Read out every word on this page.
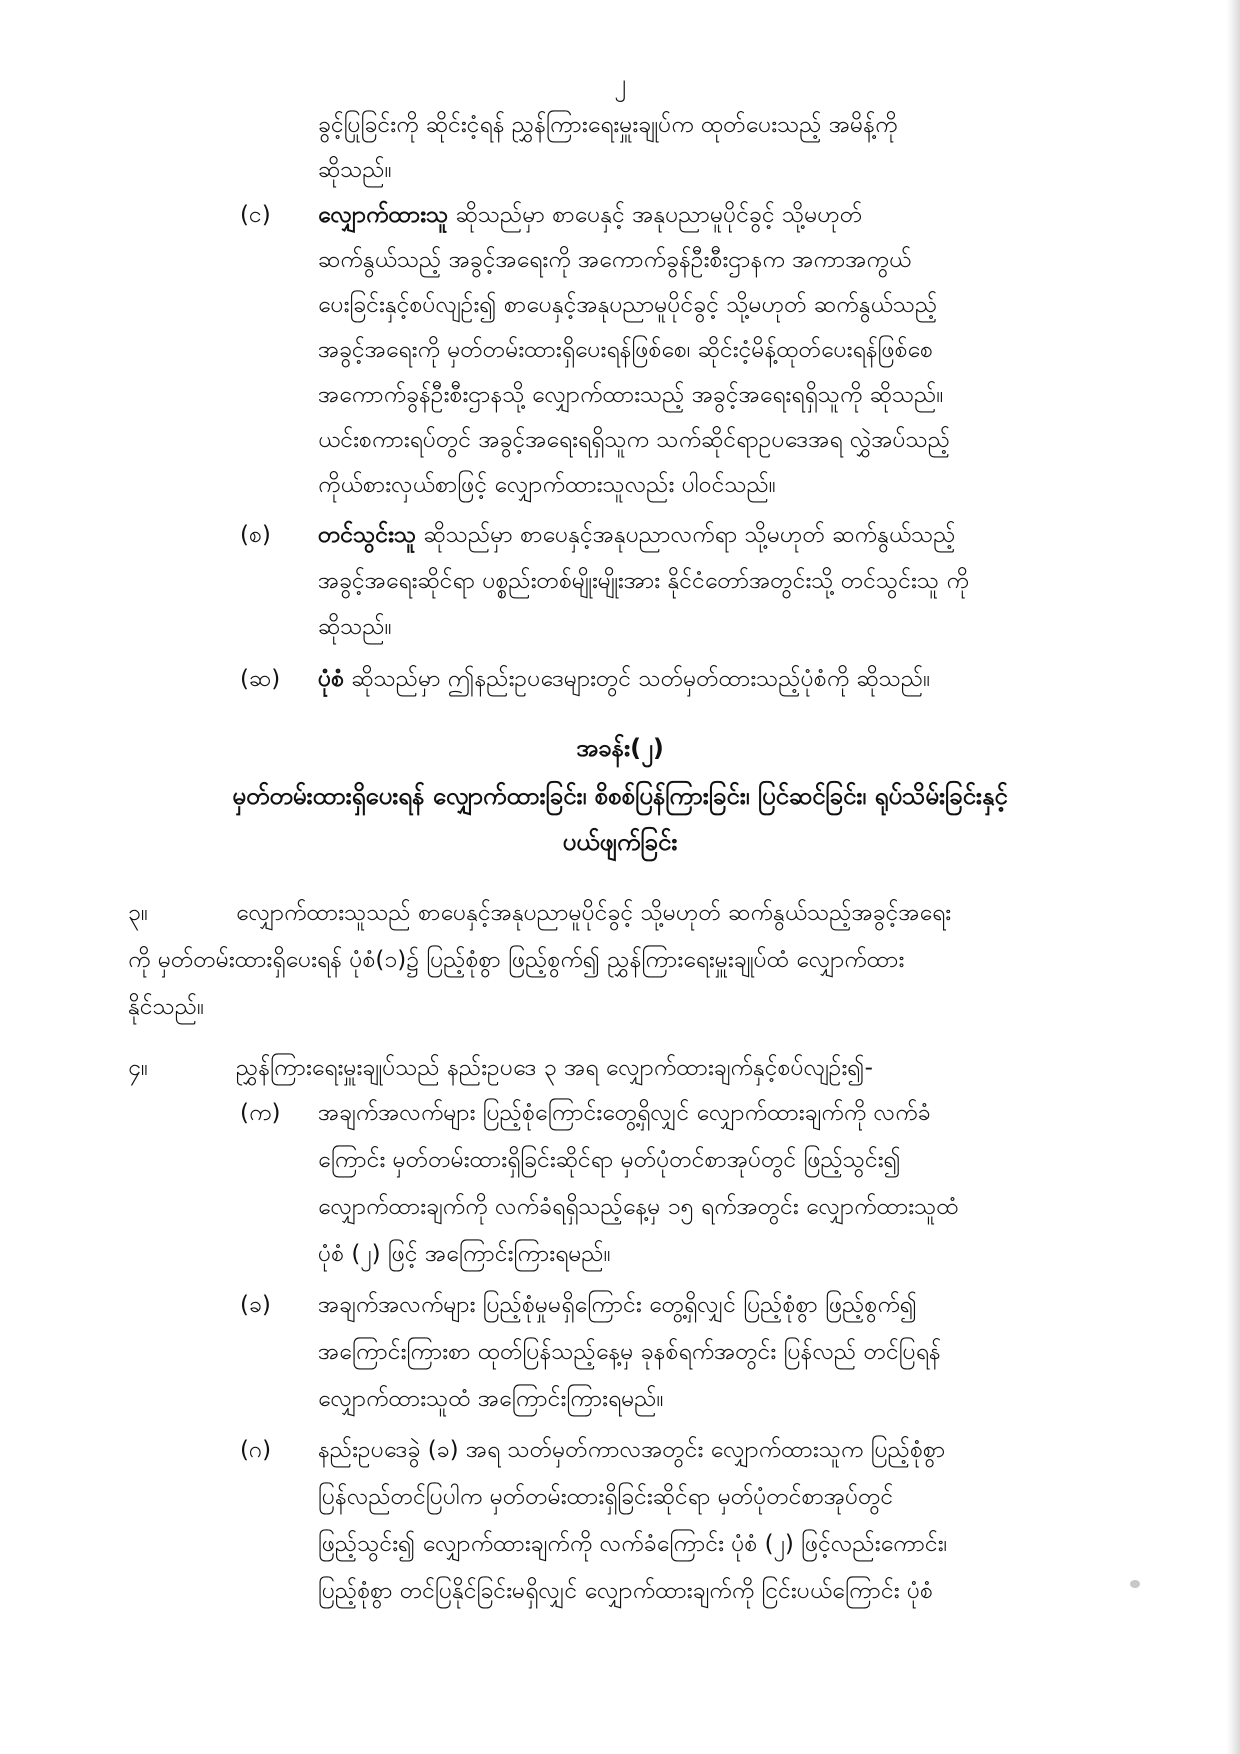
၂
ခွင့်ပြုခြင်းကို ဆိုင်းငံ့ရန် ညွှန်ကြားရေးမှူးချုပ်က ထုတ်ပေးသည့် အမိန့်ကို
ဆိုသည်။
(င) လျှောက်ထားသူ ဆိုသည်မှာ စာပေနှင့် အနုပညာမူပိုင်ခွင့် သို့မဟုတ်
ဆက်နွယ်သည့် အခွင့်အရေးကို အကောက်ခွန်ဦးစီးဌာနက အကာအကွယ်
ပေးခြင်းနှင့်စပ်လျဉ်း၍ စာပေနှင့်အနုပညာမူပိုင်ခွင့် သို့မဟုတ် ဆက်နွယ်သည့်
အခွင့်အရေးကို မှတ်တမ်းထားရှိပေးရန်ဖြစ်စေ၊ ဆိုင်းငံ့မိန့်ထုတ်ပေးရန်ဖြစ်စေ
အကောက်ခွန်ဦးစီးဌာနသို့ လျှောက်ထားသည့် အခွင့်အရေးရရှိသူကို ဆိုသည်။
ယင်းစကားရပ်တွင် အခွင့်အရေးရရှိသူက သက်ဆိုင်ရာဥပဒေအရ လွှဲအပ်သည့်
ကိုယ်စားလှယ်စာဖြင့် လျှောက်ထားသူလည်း ပါဝင်သည်။
(စ) တင်သွင်းသူ ဆိုသည်မှာ စာပေနှင့်အနုပညာလက်ရာ သို့မဟုတ် ဆက်နွယ်သည့်
အခွင့်အရေးဆိုင်ရာ ပစ္စည်းတစ်မျိုးမျိုးအား နိုင်ငံတော်အတွင်းသို့ တင်သွင်းသူ ကို
ဆိုသည်။
(ဆ) ပုံစံ ဆိုသည်မှာ ဤနည်းဥပဒေများတွင် သတ်မှတ်ထားသည့်ပုံစံကို ဆိုသည်။
အခန်း(၂)
မှတ်တမ်းထားရှိပေးရန် လျှောက်ထားခြင်း၊ စိစစ်ပြန်ကြားခြင်း၊ ပြင်ဆင်ခြင်း၊ ရုပ်သိမ်းခြင်းနှင့်
ပယ်ဖျက်ခြင်း
၃။	လျှောက်ထားသူသည် စာပေနှင့်အနုပညာမူပိုင်ခွင့် သို့မဟုတ် ဆက်နွယ်သည့်အခွင့်အရေး
ကို မှတ်တမ်းထားရှိပေးရန် ပုံစံ(၁)၌ ပြည့်စုံစွာ ဖြည့်စွက်၍ ညွှန်ကြားရေးမှူးချုပ်ထံ လျှောက်ထား
နိုင်သည်။
၄။	ညွှန်ကြားရေးမှူးချုပ်သည် နည်းဥပဒေ ၃ အရ လျှောက်ထားချက်နှင့်စပ်လျဉ်း၍-
(က) အချက်အလက်များ ပြည့်စုံကြောင်းတွေ့ရှိလျှင် လျှောက်ထားချက်ကို လက်ခံ
ကြောင်း မှတ်တမ်းထားရှိခြင်းဆိုင်ရာ မှတ်ပုံတင်စာအုပ်တွင် ဖြည့်သွင်း၍
လျှောက်ထားချက်ကို လက်ခံရရှိသည့်နေ့မှ ၁၅ ရက်အတွင်း လျှောက်ထားသူထံ
ပုံစံ (၂) ဖြင့် အကြောင်းကြားရမည်။
(ခ) အချက်အလက်များ ပြည့်စုံမှုမရှိကြောင်း တွေ့ရှိလျှင် ပြည့်စုံစွာ ဖြည့်စွက်၍
အကြောင်းကြားစာ ထုတ်ပြန်သည့်နေ့မှ ခုနစ်ရက်အတွင်း ပြန်လည် တင်ပြရန်
လျှောက်ထားသူထံ အကြောင်းကြားရမည်။
(ဂ) နည်းဥပဒေခွဲ (ခ) အရ သတ်မှတ်ကာလအတွင်း လျှောက်ထားသူက ပြည့်စုံစွာ
ပြန်လည်တင်ပြပါက မှတ်တမ်းထားရှိခြင်းဆိုင်ရာ မှတ်ပုံတင်စာအုပ်တွင်
ဖြည့်သွင်း၍ လျှောက်ထားချက်ကို လက်ခံကြောင်း ပုံစံ (၂) ဖြင့်လည်းကောင်း၊
ပြည့်စုံစွာ တင်ပြနိုင်ခြင်းမရှိလျှင် လျှောက်ထားချက်ကို ငြင်းပယ်ကြောင်း ပုံစံ
